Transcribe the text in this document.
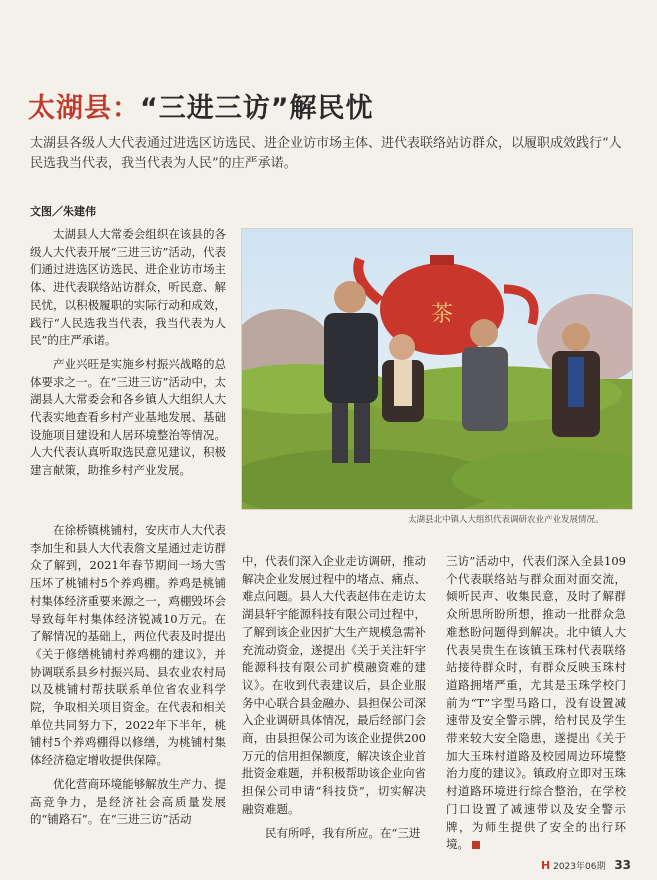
太湖县：“三进三访”解民忧
太湖县各级人大代表通过进选区访选民、进企业访市场主体、进代表联络站访群众，以履职成效践行“人民选我当代表，我当代表为人民”的庄严承诺。
文图／朱建伟

太湖县人大常委会组织在该县的各级人大代表开展“三进三访”活动，代表们通过进选区访选民、进企业访市场主体、进代表联络站访群众，听民意、解民忧，以积极履职的实际行动和成效，践行“人民选我当代表，我当代表为人民”的庄严承诺。

产业兴旺是实施乡村振兴战略的总体要求之一。在“三进三访”活动中，太湖县人大常委会和各乡镇人大组织人大代表实地查看乡村产业基地发展、基础设施项目建设和人居环境整治等情况。人大代表认真听取选民意见建议，积极建言献策，助推乡村产业发展。

在徐桥镇桃铺村，安庆市人大代表李加生和县人大代表詹文星通过走访群众了解到，2021年春节期间一场大雪压坏了桃铺村5个养鸡棚。养鸡是桃铺村集体经济重要来源之一，鸡棚毁坏会导致每年村集体经济锐减10万元。在了解情况的基础上，两位代表及时提出《关于修缮桃铺村养鸡棚的建议》，并协调联系县乡村振兴局、县农业农村局以及桃铺村帮扶联系单位省农业科学院，争取相关项目资金。在代表和相关单位共同努力下，2022年下半年，桃铺村5个养鸡棚得以修缮，为桃铺村集体经济稳定增收提供保障。

优化营商环境能够解放生产力、提高竞争力，是经济社会高质量发展的“铺路石”。在“三进三访”活动

茶
太湖县北中镇人大组织代表调研农业产业发展情况。

中，代表们深入企业走访调研，推动解决企业发展过程中的堵点、痛点、难点问题。县人大代表赵伟在走访太湖县轩宇能源科技有限公司过程中，了解到该企业因扩大生产规模急需补充流动资金，遂提出《关于关注轩宇能源科技有限公司扩模融资难的建议》。在收到代表建议后，县企业服务中心联合县金融办、县担保公司深入企业调研具体情况，最后经部门会商，由县担保公司为该企业提供200万元的信用担保额度，解决该企业首批资金难题，并积极帮助该企业向省担保公司申请“科技贷”，切实解决融资难题。

民有所呼，我有所应。在“三进

三访”活动中，代表们深入全县109个代表联络站与群众面对面交流，倾听民声、收集民意，及时了解群众所思所盼所想，推动一批群众急难愁盼问题得到解决。北中镇人大代表吴贵生在该镇玉珠村代表联络站接待群众时，有群众反映玉珠村道路拥堵严重，尤其是玉珠学校门前为“T”字型马路口，没有设置减速带及安全警示牌，给村民及学生带来较大安全隐患，遂提出《关于加大玉珠村道路及校园周边环境整治力度的建议》。镇政府立即对玉珠村道路环境进行综合整治，在学校门口设置了减速带以及安全警示牌，为师生提供了安全的出行环境。

H 2023年06期 33
